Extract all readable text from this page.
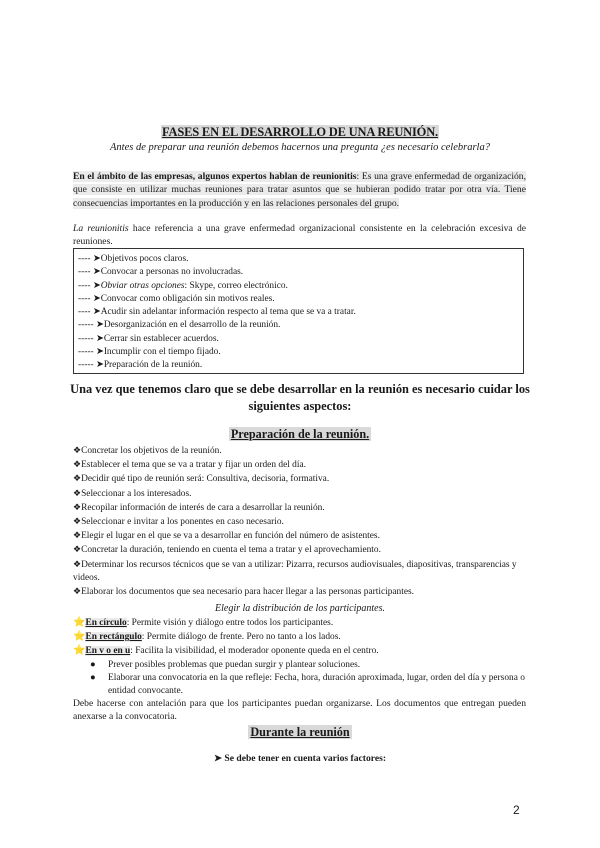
FASES EN EL DESARROLLO DE UNA REUNIÓN.
Antes de preparar una reunión debemos hacernos una pregunta ¿es necesario celebrarla?
En el ámbito de las empresas, algunos expertos hablan de reunionitis: Es una grave enfermedad de organización, que consiste en utilizar muchas reuniones para tratar asuntos que se hubieran podido tratar por otra vía. Tiene consecuencias importantes en la producción y en las relaciones personales del grupo.
La reunionitis hace referencia a una grave enfermedad organizacional consistente en la celebración excesiva de reuniones.
---- ➤Objetivos pocos claros.
---- ➤Convocar a personas no involucradas.
---- ➤Obviar otras opciones: Skype, correo electrónico.
---- ➤Convocar como obligación sin motivos reales.
---- ➤Acudir sin adelantar información respecto al tema que se va a tratar.
----- ➤Desorganización en el desarrollo de la reunión.
----- ➤Cerrar sin establecer acuerdos.
----- ➤Incumplir con el tiempo fijado.
----- ➤Preparación de la reunión.
Una vez que tenemos claro que se debe desarrollar en la reunión es necesario cuidar los siguientes aspectos:
Preparación de la reunión.
❖Concretar los objetivos de la reunión.
❖Establecer el tema que se va a tratar y fijar un orden del día.
❖Decidir qué tipo de reunión será: Consultiva, decisoria, formativa.
❖Seleccionar a los interesados.
❖Recopilar información de interés de cara a desarrollar la reunión.
❖Seleccionar e invitar a los ponentes en caso necesario.
❖Elegir el lugar en el que se va a desarrollar en función del número de asistentes.
❖Concretar la duración, teniendo en cuenta el tema a tratar y el aprovechamiento.
❖Determinar los recursos técnicos que se van a utilizar: Pizarra, recursos audiovisuales, diapositivas, transparencias y videos.
❖Elaborar los documentos que sea necesario para hacer llegar a las personas participantes.
Elegir la distribución de los participantes.
⭐En círculo: Permite visión y diálogo entre todos los participantes.
⭐En rectángulo: Permite diálogo de frente. Pero no tanto a los lados.
⭐En v o en u: Facilita la visibilidad, el moderador oponente queda en el centro.
● Prever posibles problemas que puedan surgir y plantear soluciones.
● Elaborar una convocatoria en la que refleje: Fecha, hora, duración aproximada, lugar, orden del día y persona o entidad convocante.
Debe hacerse con antelación para que los participantes puedan organizarse. Los documentos que entregan pueden anexarse a la convocatoria.
Durante la reunión
➤ Se debe tener en cuenta varios factores:
2
